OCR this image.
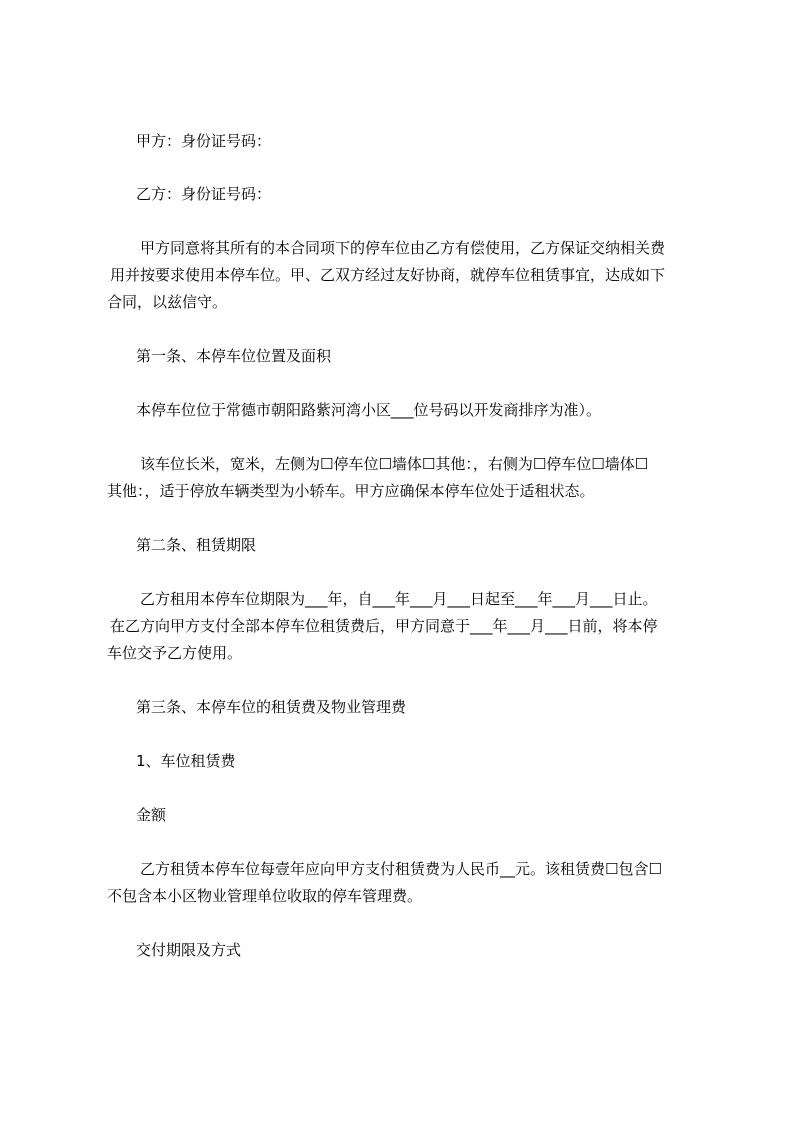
甲方：身份证号码：
乙方：身份证号码：
甲方同意将其所有的本合同项下的停车位由乙方有偿使用，乙方保证交纳相关费
用并按要求使用本停车位。甲、乙双方经过友好协商，就停车位租赁事宜，达成如下
合同，以兹信守。
第一条、本停车位位置及面积
本停车位位于常德市朝阳路紫河湾小区___位号码以开发商排序为准）。
该车位长米，宽米，左侧为☐停车位☐墙体☐其他：，右侧为☐停车位☐墙体☐
其他：，适于停放车辆类型为小轿车。甲方应确保本停车位处于适租状态。
第二条、租赁期限
乙方租用本停车位期限为___年，自___年___月___日起至___年___月___日止。
在乙方向甲方支付全部本停车位租赁费后，甲方同意于___年___月___日前，将本停
车位交予乙方使用。
第三条、本停车位的租赁费及物业管理费
1、车位租赁费
金额
乙方租赁本停车位每壹年应向甲方支付租赁费为人民币__元。该租赁费☐包含☐
不包含本小区物业管理单位收取的停车管理费。
交付期限及方式
